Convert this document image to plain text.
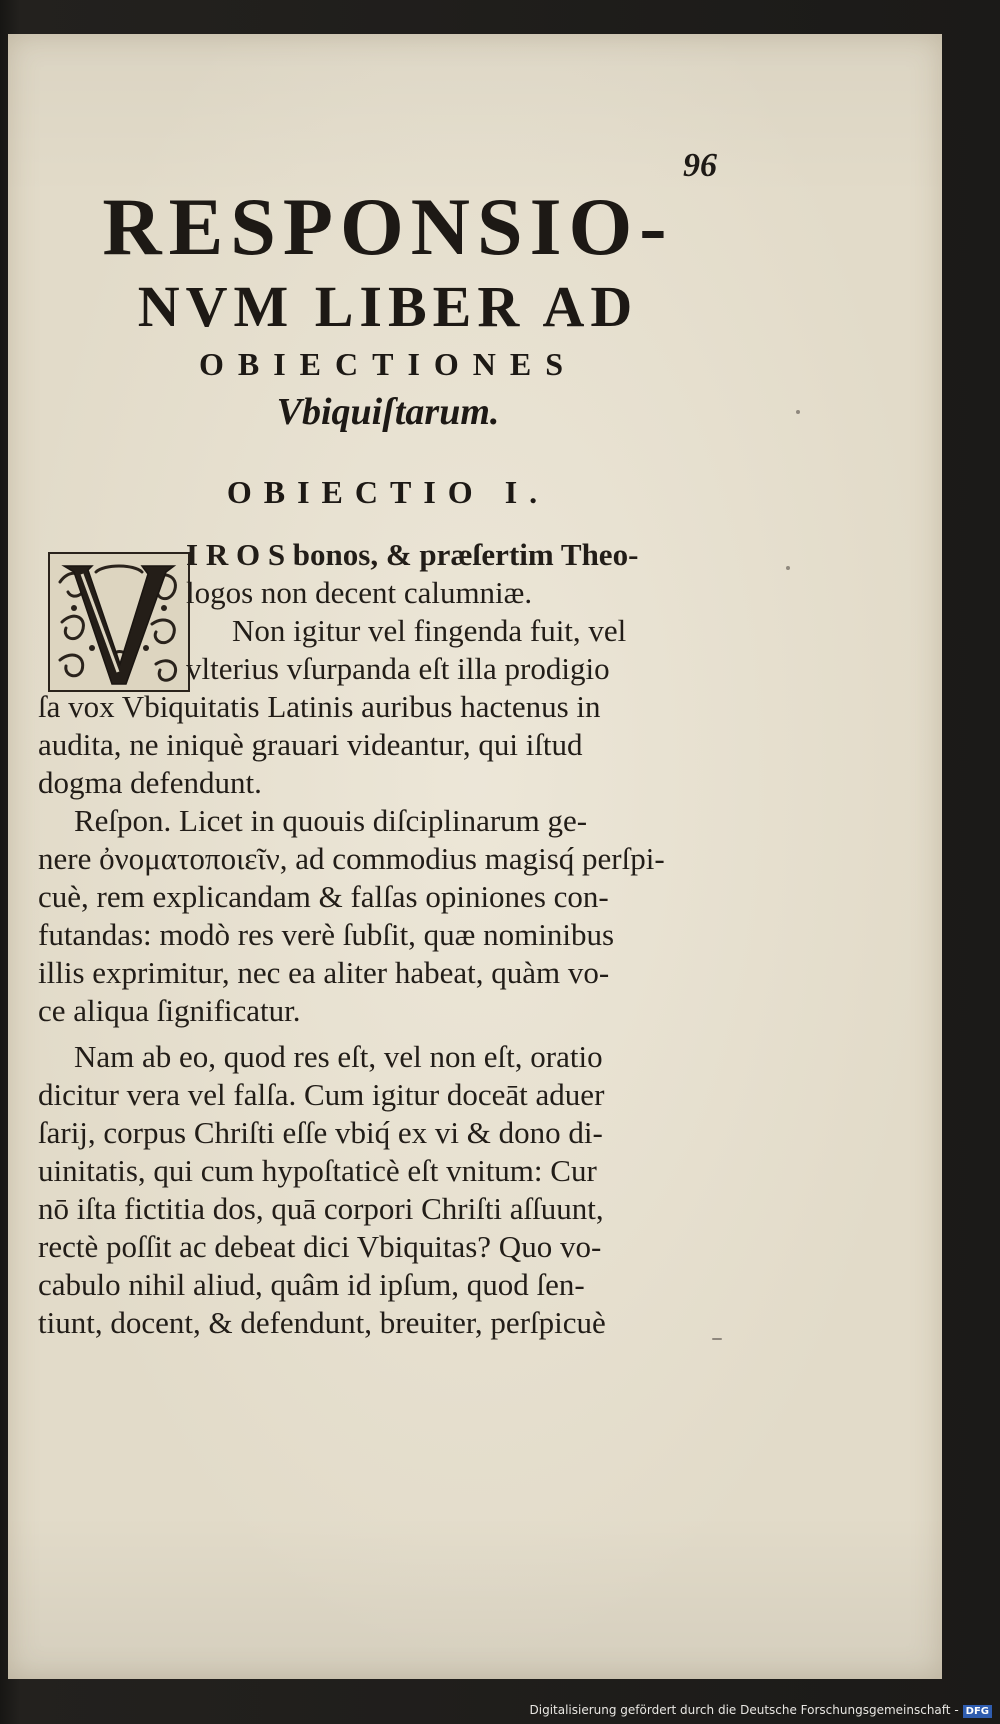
96
RESPONSIO-
NVM LIBER AD
OBIECTIONES
Vbiquiſtarum.
OBIECTIO I.
I R O S bonos, & præſertim Theo-
logos non decent calumniæ.
Non igitur vel fingenda fuit, vel
vlterius vſurpanda eſt illa prodigio
ſa vox Vbiquitatis Latinis auribus hactenus in
audita, ne iniquè grauari videantur, qui iſtud
dogma defendunt.
Reſpon. Licet in quouis diſciplinarum ge-
nere ὀνοματοποιεῖν, ad commodius magisq́ perſpi-
cuè, rem explicandam & falſas opiniones con-
futandas: modò res verè ſubſit, quæ nominibus
illis exprimitur, nec ea aliter habeat, quàm vo-
ce aliqua ſignificatur.
Nam ab eo, quod res eſt, vel non eſt, oratio
dicitur vera vel falſa. Cum igitur doceāt aduer
ſarij, corpus Chriſti eſſe vbiq́ ex vi & dono di-
uinitatis, qui cum hypoſtaticè eſt vnitum: Cur
nō iſta fictitia dos, quā corpori Chriſti aſſuunt,
rectè poſſit ac debeat dici Vbiquitas? Quo vo-
cabulo nihil aliud, quâm id ipſum, quod ſen-
tiunt, docent, & defendunt, breuiter, perſpicuè
Digitalisierung gefördert durch die Deutsche Forschungsgemeinschaft - DFG
